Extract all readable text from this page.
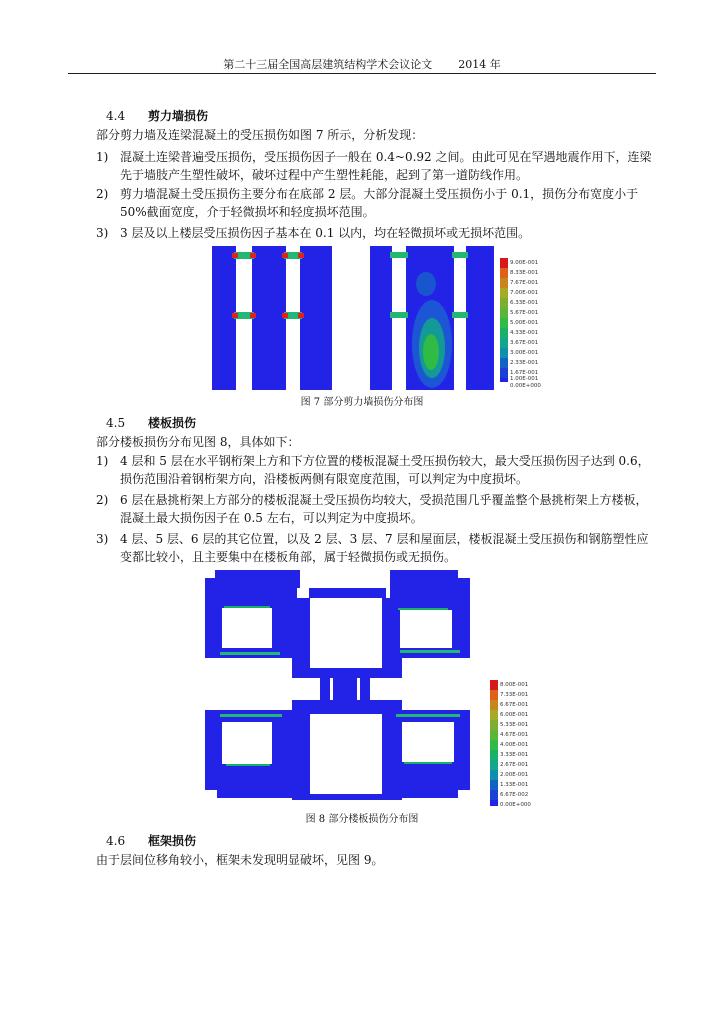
第二十三届全国高层建筑结构学术会议论文 2014 年
4.4 剪力墙损伤
部分剪力墙及连梁混凝土的受压损伤如图 7 所示，分析发现：
1) 混凝土连梁普遍受压损伤，受压损伤因子一般在 0.4~0.92 之间。由此可见在罕遇地震作用下，连梁先于墙肢产生塑性破坏，破坏过程中产生塑性耗能，起到了第一道防线作用。
2) 剪力墙混凝土受压损伤主要分布在底部 2 层。大部分混凝土受压损伤小于 0.1，损伤分布宽度小于 50%截面宽度，介于轻微损坏和轻度损坏范围。
3) 3 层及以上楼层受压损伤因子基本在 0.1 以内，均在轻微损坏或无损坏范围。
9.00E-001
8.33E-001
7.67E-001
7.00E-001
6.33E-001
5.67E-001
5.00E-001
4.33E-001
3.67E-001
3.00E-001
2.33E-001
1.67E-001
1.00E-001
0.00E+000
图 7 部分剪力墙损伤分布图
4.5 楼板损伤
部分楼板损伤分布见图 8，具体如下：
1) 4 层和 5 层在水平钢桁架上方和下方位置的楼板混凝土受压损伤较大，最大受压损伤因子达到 0.6，损伤范围沿着钢桁架方向，沿楼板两侧有限宽度范围，可以判定为中度损坏。
2) 6 层在悬挑桁架上方部分的楼板混凝土受压损伤均较大，受损范围几乎覆盖整个悬挑桁架上方楼板，混凝土最大损伤因子在 0.5 左右，可以判定为中度损坏。
3) 4 层、5 层、6 层的其它位置，以及 2 层、3 层、7 层和屋面层，楼板混凝土受压损伤和钢筋塑性应变都比较小，且主要集中在楼板角部，属于轻微损伤或无损伤。
8.00E-001
7.33E-001
6.67E-001
6.00E-001
5.33E-001
4.67E-001
4.00E-001
3.33E-001
2.67E-001
2.00E-001
1.33E-001
6.67E-002
0.00E+000
图 8 部分楼板损伤分布图
4.6 框架损伤
由于层间位移角较小，框架未发现明显破坏，见图 9。
